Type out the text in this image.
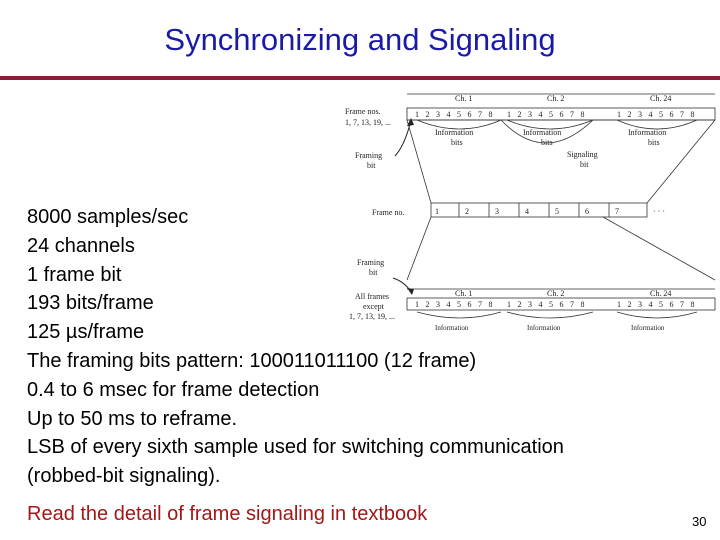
Synchronizing and Signaling
Frame nos.
1, 7, 13, 19, ...
Ch. 1	Ch. 2	Ch. 24
1 2 3 4 5 6 7 8 1 2 3 4 5 6 7 8	1 2 3 4 5 6 7 8
Information
bits
Information
bits
Information
bits
Signaling
bit
Framing
bit
Frame no.	1	2	3	4	5	6	7	· · ·
Framing
bit
All frames
except
1, 7, 13, 19, ...
Ch. 1	Ch. 2	Ch. 24
1 2 3 4 5 6 7 8 1 2 3 4 5 6 7 8	1 2 3 4 5 6 7 8
Information	Information	Information
8000 samples/sec
24 channels
1 frame bit
193 bits/frame
125 µs/frame
The framing bits pattern: 100011011100 (12 frame)
0.4 to 6 msec for frame detection
Up to 50 ms to reframe.
LSB of every sixth sample used for switching communication
(robbed-bit signaling).
Read the detail of frame signaling in textbook	30
